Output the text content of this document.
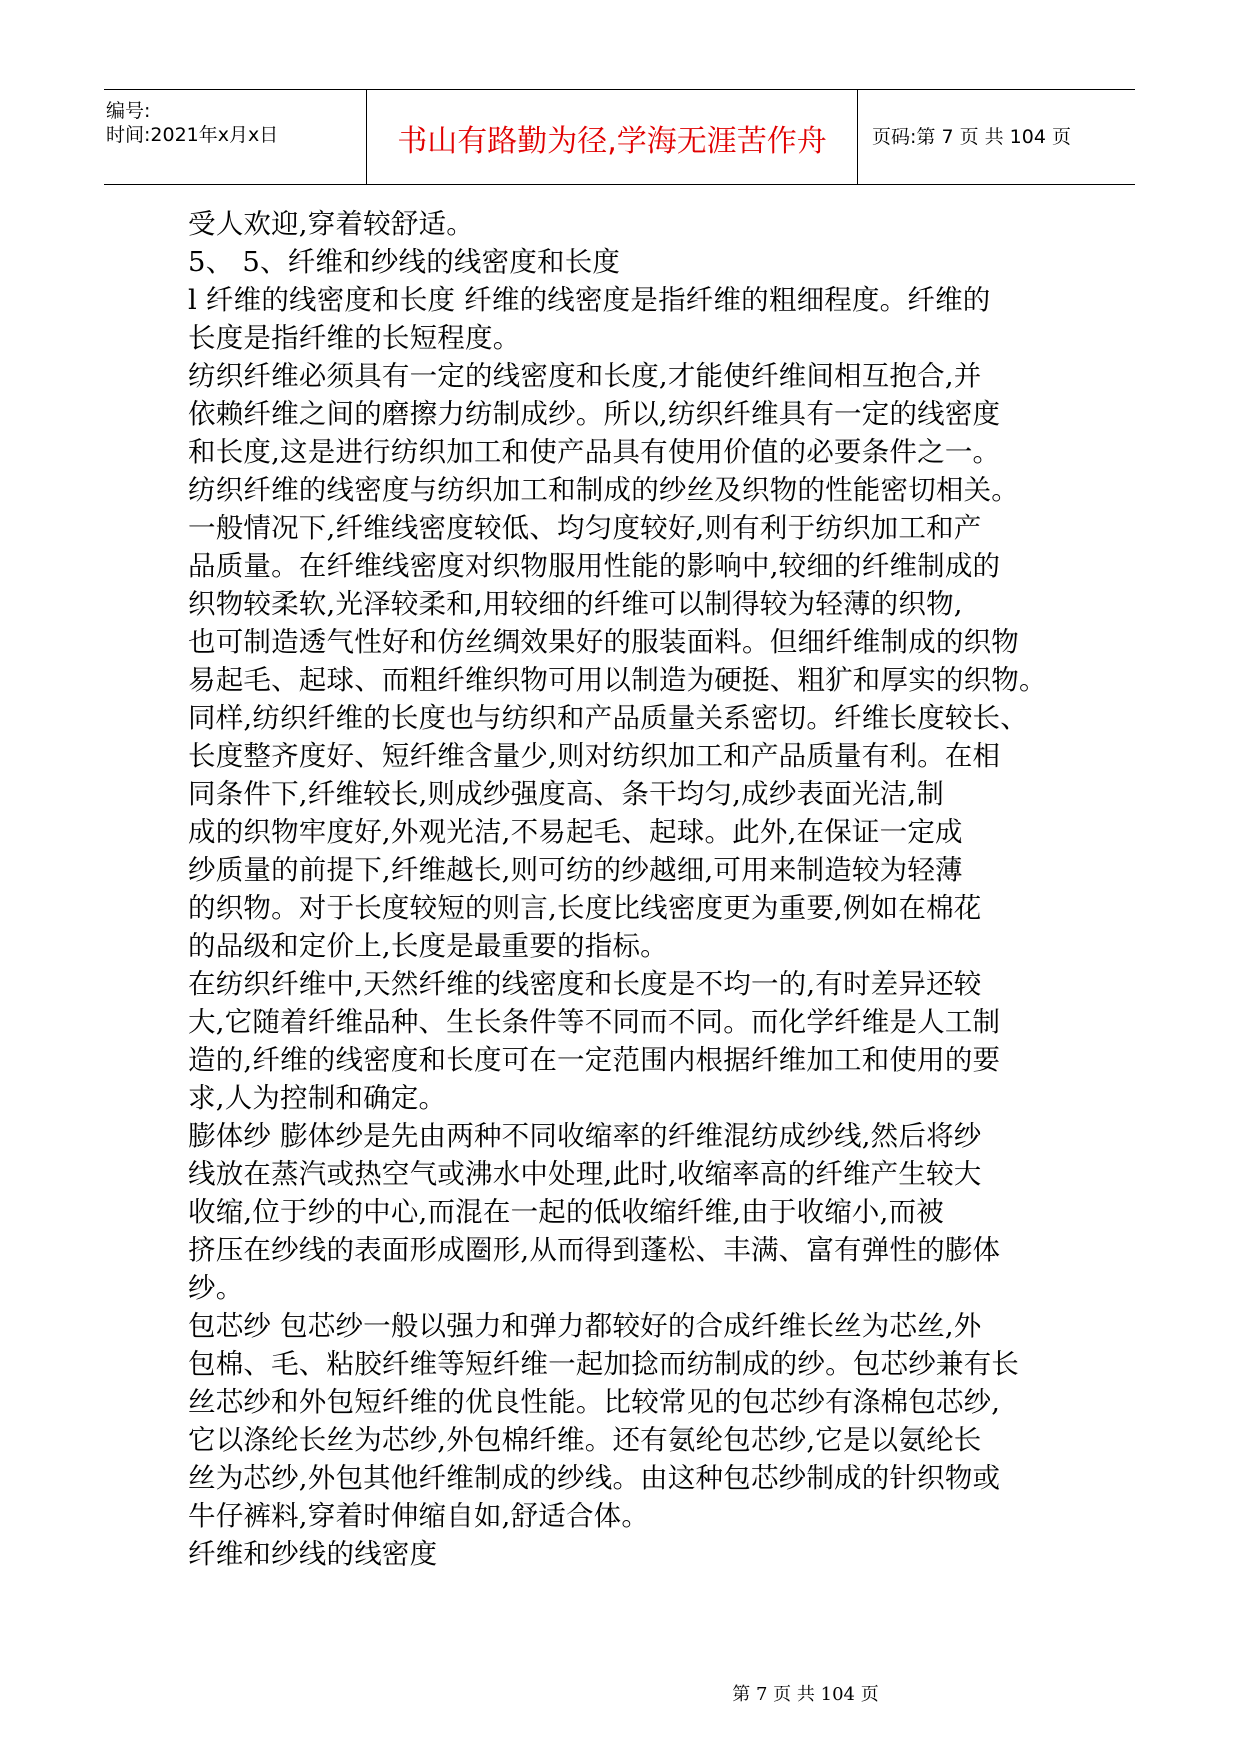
编号:
时间:2021年x月x日	书山有路勤为径,学海无涯苦作舟	页码:第 7 页 共 104 页
受人欢迎,穿着较舒适。
5、 5、纤维和纱线的线密度和长度
l 纤维的线密度和长度 纤维的线密度是指纤维的粗细程度。纤维的
长度是指纤维的长短程度。
纺织纤维必须具有一定的线密度和长度,才能使纤维间相互抱合,并
依赖纤维之间的磨擦力纺制成纱。所以,纺织纤维具有一定的线密度
和长度,这是进行纺织加工和使产品具有使用价值的必要条件之一。
纺织纤维的线密度与纺织加工和制成的纱丝及织物的性能密切相关。
一般情况下,纤维线密度较低、均匀度较好,则有利于纺织加工和产
品质量。在纤维线密度对织物服用性能的影响中,较细的纤维制成的
织物较柔软,光泽较柔和,用较细的纤维可以制得较为轻薄的织物,
也可制造透气性好和仿丝绸效果好的服装面料。但细纤维制成的织物
易起毛、起球、而粗纤维织物可用以制造为硬挺、粗犷和厚实的织物。
同样,纺织纤维的长度也与纺织和产品质量关系密切。纤维长度较长、
长度整齐度好、短纤维含量少,则对纺织加工和产品质量有利。在相
同条件下,纤维较长,则成纱强度高、条干均匀,成纱表面光洁,制
成的织物牢度好,外观光洁,不易起毛、起球。此外,在保证一定成
纱质量的前提下,纤维越长,则可纺的纱越细,可用来制造较为轻薄
的织物。对于长度较短的则言,长度比线密度更为重要,例如在棉花
的品级和定价上,长度是最重要的指标。
在纺织纤维中,天然纤维的线密度和长度是不均一的,有时差异还较
大,它随着纤维品种、生长条件等不同而不同。而化学纤维是人工制
造的,纤维的线密度和长度可在一定范围内根据纤维加工和使用的要
求,人为控制和确定。
膨体纱 膨体纱是先由两种不同收缩率的纤维混纺成纱线,然后将纱
线放在蒸汽或热空气或沸水中处理,此时,收缩率高的纤维产生较大
收缩,位于纱的中心,而混在一起的低收缩纤维,由于收缩小,而被
挤压在纱线的表面形成圈形,从而得到蓬松、丰满、富有弹性的膨体
纱。
包芯纱 包芯纱一般以强力和弹力都较好的合成纤维长丝为芯丝,外
包棉、毛、粘胶纤维等短纤维一起加捻而纺制成的纱。包芯纱兼有长
丝芯纱和外包短纤维的优良性能。比较常见的包芯纱有涤棉包芯纱,
它以涤纶长丝为芯纱,外包棉纤维。还有氨纶包芯纱,它是以氨纶长
丝为芯纱,外包其他纤维制成的纱线。由这种包芯纱制成的针织物或
牛仔裤料,穿着时伸缩自如,舒适合体。
纤维和纱线的线密度
第 7 页 共 104 页
